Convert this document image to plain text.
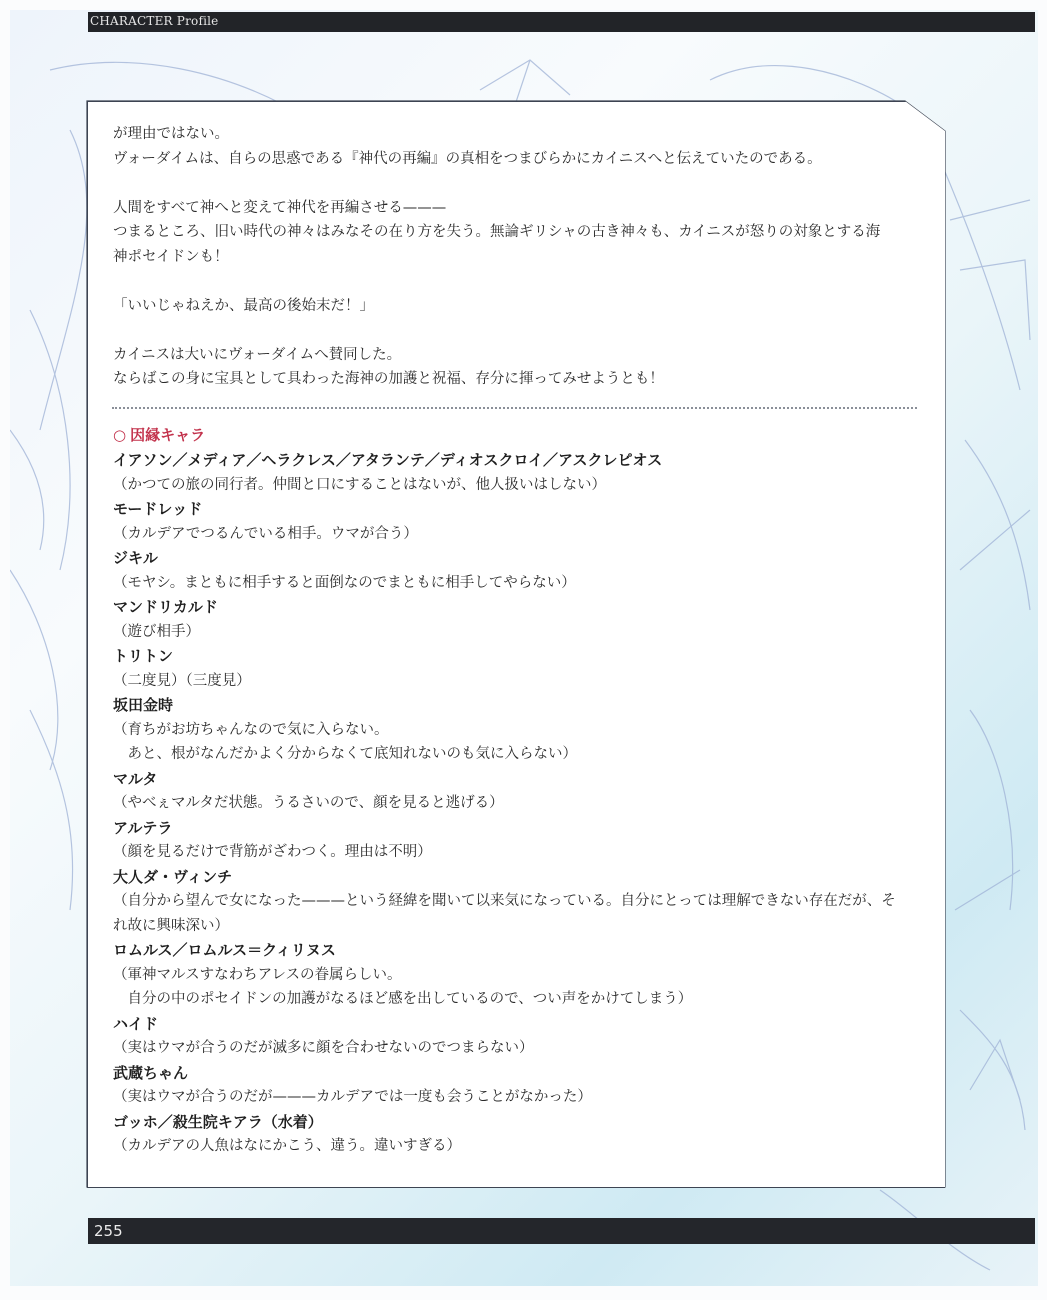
CHARACTER Profile

が理由ではない。

ヴォーダイムは、自らの思惑である『神代の再編』の真相をつまびらかにカイニスへと伝えていたのである。

人間をすべて神へと変えて神代を再編させる———

つまるところ、旧い時代の神々はみなその在り方を失う。無論ギリシャの古き神々も、カイニスが怒りの対象とする海

神ポセイドンも！

「いいじゃねえか、最高の後始末だ！」

カイニスは大いにヴォーダイムへ賛同した。

ならばこの身に宝具として具わった海神の加護と祝福、存分に揮ってみせようとも！

○ 因縁キャラ

イアソン／メディア／ヘラクレス／アタランテ／ディオスクロイ／アスクレピオス

（かつての旅の同行者。仲間と口にすることはないが、他人扱いはしない）

モードレッド

（カルデアでつるんでいる相手。ウマが合う）

ジキル

（モヤシ。まともに相手すると面倒なのでまともに相手してやらない）

マンドリカルド

（遊び相手）

トリトン

（二度見）（三度見）

坂田金時

（育ちがお坊ちゃんなので気に入らない。

　あと、根がなんだかよく分からなくて底知れないのも気に入らない）

マルタ

（やべぇマルタだ状態。うるさいので、顔を見ると逃げる）

アルテラ

（顔を見るだけで背筋がざわつく。理由は不明）

大人ダ・ヴィンチ

（自分から望んで女になった———という経緯を聞いて以来気になっている。自分にとっては理解できない存在だが、そ

れ故に興味深い）

ロムルス／ロムルス＝クィリヌス

（軍神マルスすなわちアレスの眷属らしい。

　自分の中のポセイドンの加護がなるほど感を出しているので、つい声をかけてしまう）

ハイド

（実はウマが合うのだが滅多に顔を合わせないのでつまらない）

武蔵ちゃん

（実はウマが合うのだが———カルデアでは一度も会うことがなかった）

ゴッホ／殺生院キアラ（水着）

（カルデアの人魚はなにかこう、違う。違いすぎる）

255
